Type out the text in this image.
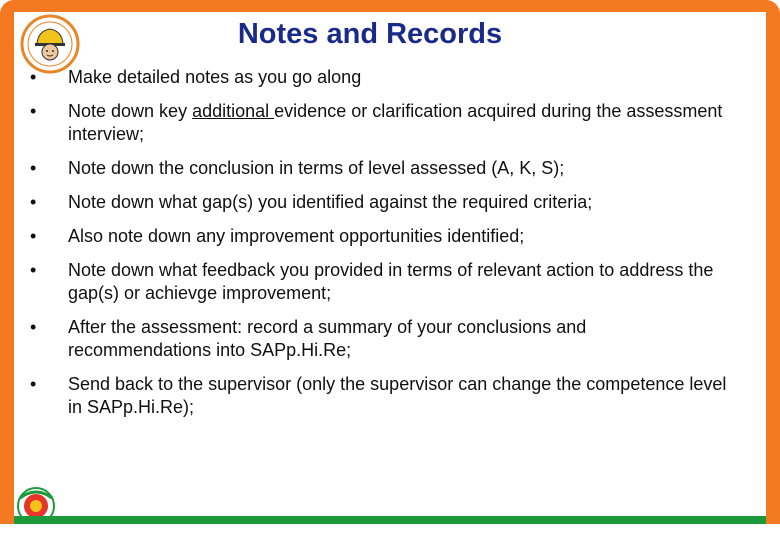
Notes and Records
•	Make detailed notes as you go along
•	Note down key additional evidence or clarification acquired during the assessment interview;
•	Note down the conclusion in terms of level assessed (A, K, S);
•	Note down what gap(s) you identified against the required criteria;
•	Also note down any improvement opportunities identified;
•	Note down what feedback you provided in terms of relevant action to address the gap(s) or achievge improvement;
•	After the assessment: record a summary of your conclusions and recommendations into SAPp.Hi.Re;
•	Send back to the supervisor (only the supervisor can change the competence level in SAPp.Hi.Re);
